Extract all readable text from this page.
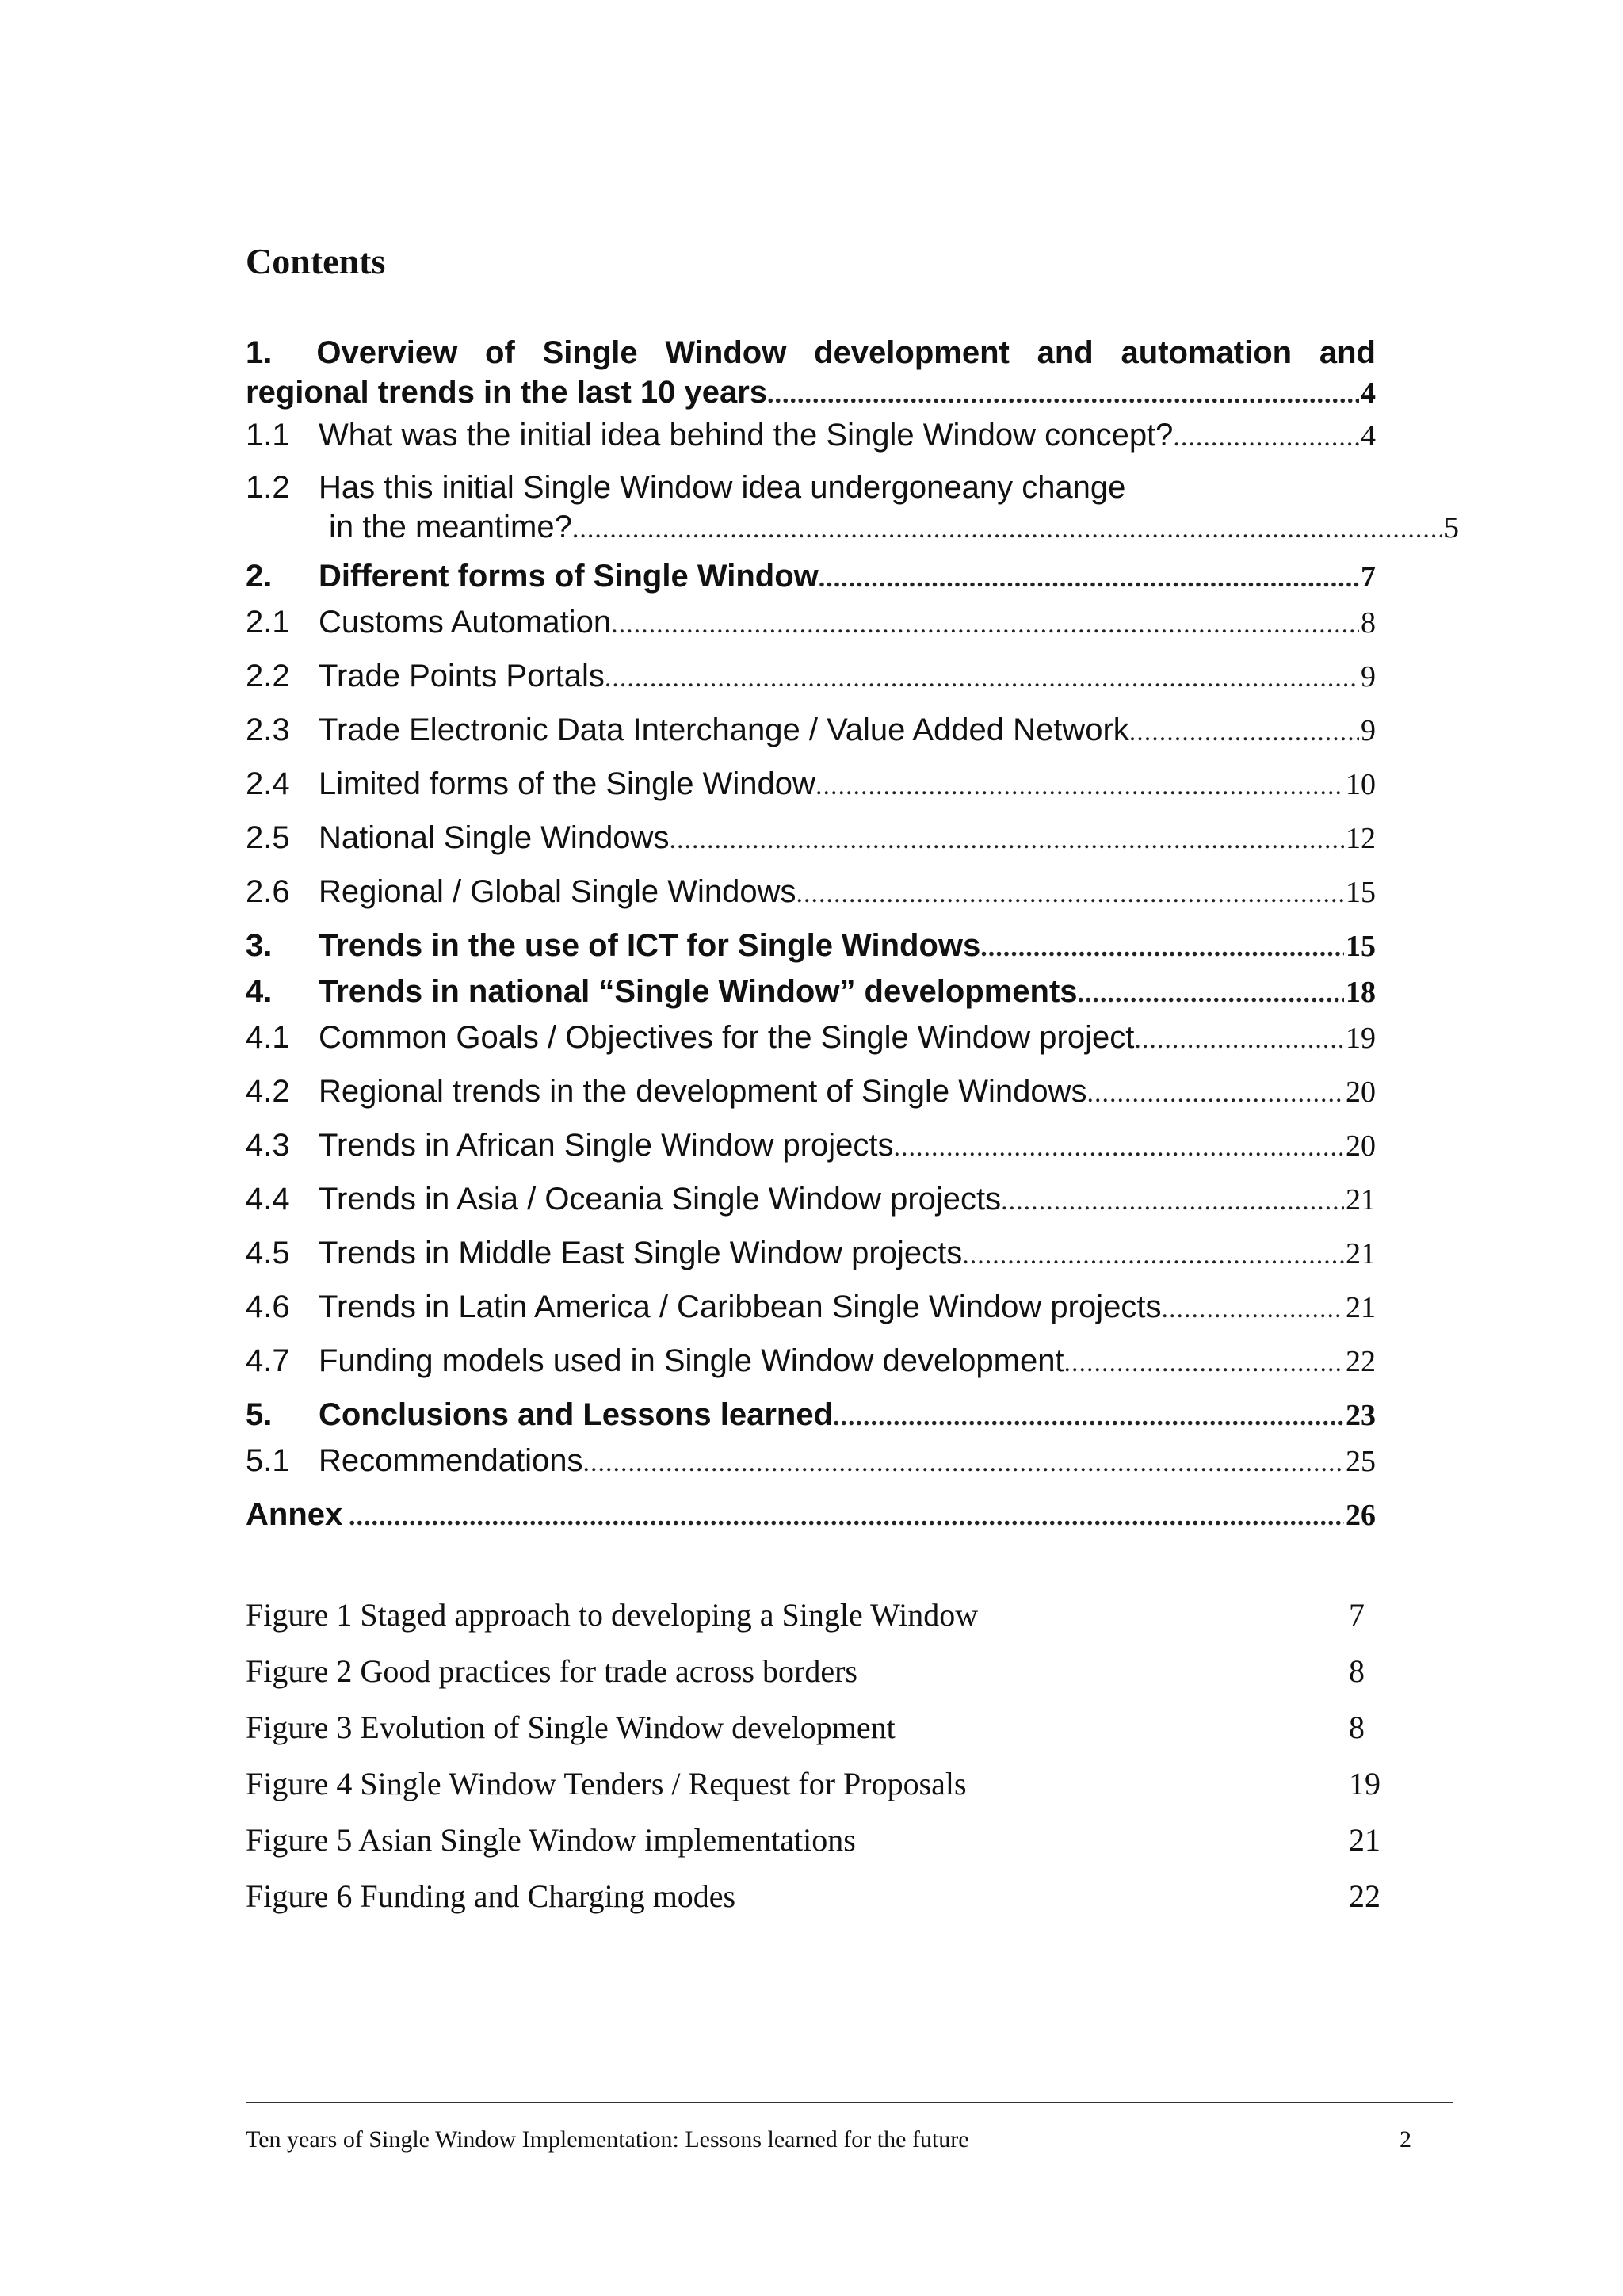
Contents
1. Overview of Single Window development and automation and
regional trends in the last 10 years .....	4
1.1 What was the initial idea behind the Single Window concept? .....	4
1.2 Has this initial Single Window idea undergoneany change
in the meantime? .....	5
2.	Different forms of Single Window .....	7
2.1 Customs Automation .....	8
2.2 Trade Points Portals .....	9
2.3 Trade Electronic Data Interchange / Value Added Network .....	9
2.4 Limited forms of the Single Window .....	10
2.5 National Single Windows .....	12
2.6 Regional / Global Single Windows .....	15
3.	Trends in the use of ICT for Single Windows .....	15
4.	Trends in national “Single Window” developments .....	18
4.1 Common Goals / Objectives for the Single Window project .....	19
4.2 Regional trends in the development of Single Windows .....	20
4.3 Trends in African Single Window projects .....	20
4.4 Trends in Asia / Oceania Single Window projects .....	21
4.5 Trends in Middle East Single Window projects .....	21
4.6 Trends in Latin America / Caribbean Single Window projects .....	21
4.7 Funding models used in Single Window development .....	22
5.	Conclusions and Lessons learned .....	23
5.1 Recommendations .....	25
Annex .....	26
Figure 1 Staged approach to developing a Single Window	7
Figure 2 Good practices for trade across borders	8
Figure 3 Evolution of Single Window development	8
Figure 4 Single Window Tenders / Request for Proposals	19
Figure 5 Asian Single Window implementations	21
Figure 6 Funding and Charging modes	22
Ten years of Single Window Implementation: Lessons learned for the future	2
